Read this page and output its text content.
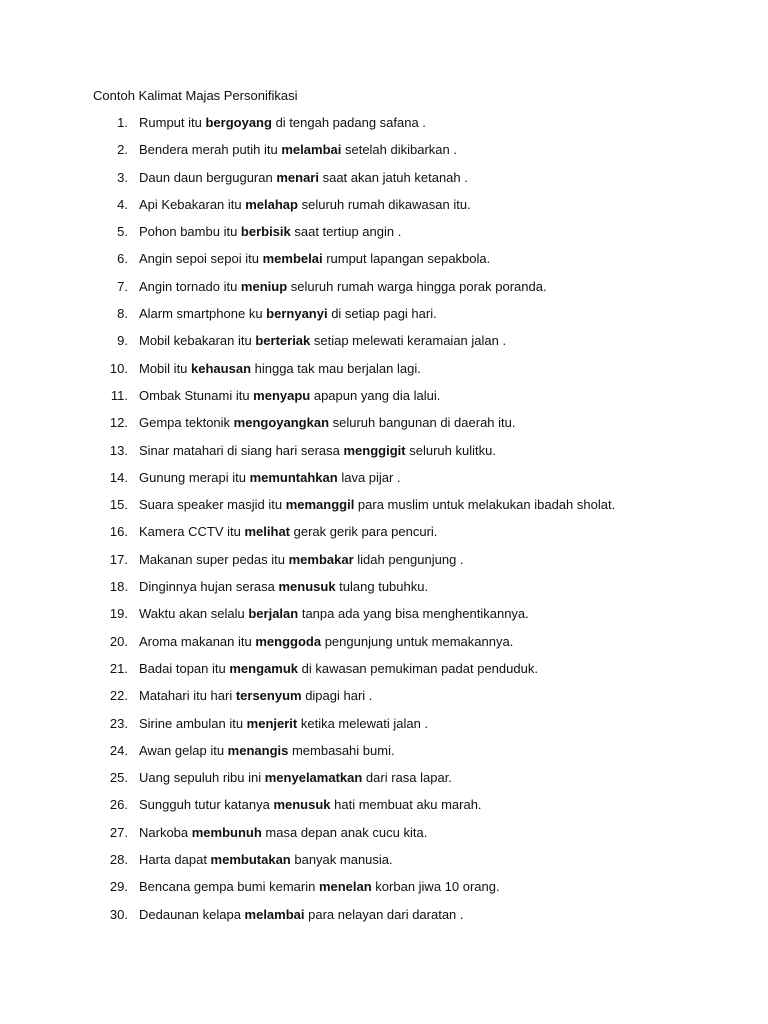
Contoh Kalimat Majas Personifikasi
1. Rumput itu bergoyang di tengah padang safana .
2. Bendera merah putih itu melambai setelah dikibarkan .
3. Daun daun berguguran menari saat akan jatuh ketanah .
4. Api Kebakaran itu melahap seluruh rumah dikawasan itu.
5. Pohon bambu itu berbisik saat tertiup angin .
6. Angin sepoi sepoi itu membelai rumput lapangan sepakbola.
7. Angin tornado itu meniup seluruh rumah warga hingga porak poranda.
8. Alarm smartphone ku bernyanyi di setiap pagi hari.
9. Mobil kebakaran itu berteriak setiap melewati keramaian jalan .
10. Mobil itu kehausan hingga tak mau berjalan lagi.
11. Ombak Stunami itu menyapu apapun yang dia lalui.
12. Gempa tektonik mengoyangkan seluruh bangunan di daerah itu.
13. Sinar matahari di siang hari serasa menggigit seluruh kulitku.
14. Gunung merapi itu memuntahkan lava pijar .
15. Suara speaker masjid itu memanggil para muslim untuk melakukan ibadah sholat.
16. Kamera CCTV itu melihat gerak gerik para pencuri.
17. Makanan super pedas itu membakar lidah pengunjung .
18. Dinginnya hujan serasa menusuk tulang tubuhku.
19. Waktu akan selalu berjalan tanpa ada yang bisa menghentikannya.
20. Aroma makanan itu menggoda pengunjung untuk memakannya.
21. Badai topan itu mengamuk di kawasan pemukiman padat penduduk.
22. Matahari itu hari tersenyum dipagi hari .
23. Sirine ambulan itu menjerit ketika melewati jalan .
24. Awan gelap itu menangis membasahi bumi.
25. Uang sepuluh ribu ini menyelamatkan dari rasa lapar.
26. Sungguh tutur katanya menusuk hati membuat aku marah.
27. Narkoba membunuh masa depan anak cucu kita.
28. Harta dapat membutakan banyak manusia.
29. Bencana gempa bumi kemarin menelan korban jiwa 10 orang.
30. Dedaunan kelapa melambai para nelayan dari daratan .
